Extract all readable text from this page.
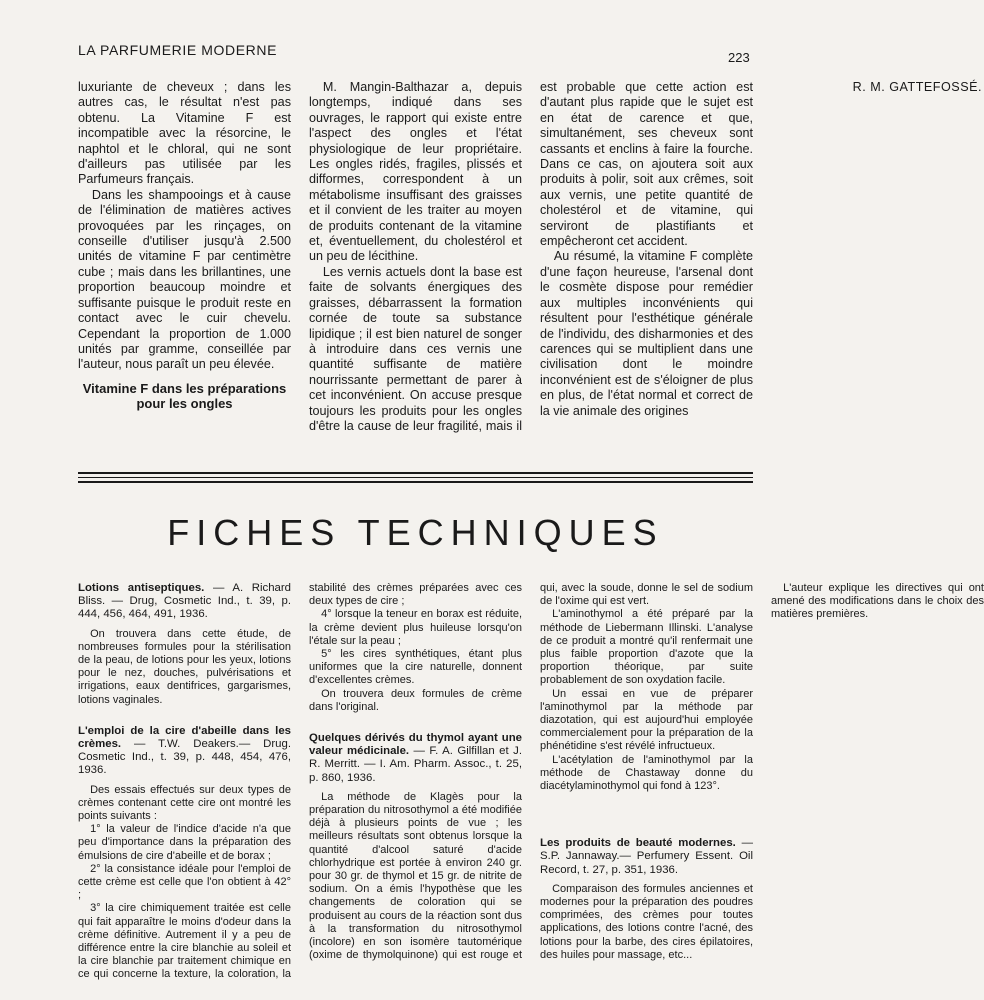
LA PARFUMERIE MODERNE	223

luxuriante de cheveux ; dans les autres cas, le résultat n'est pas obtenu. La Vitamine F est incompatible avec la résorcine, le naphtol et le chloral, qui ne sont d'ailleurs pas utilisée par les Parfumeurs français.

Dans les shampooings et à cause de l'élimination de matières actives provoquées par les rinçages, on conseille d'utiliser jusqu'à 2.500 unités de vitamine F par centimètre cube ; mais dans les brillantines, une proportion beaucoup moindre et suffisante puisque le produit reste en contact avec le cuir chevelu. Cependant la proportion de 1.000 unités par gramme, conseillée par l'auteur, nous paraît un peu élevée.

Vitamine F dans les préparations pour les ongles

M. Mangin-Balthazar a, depuis longtemps, indiqué dans ses ouvrages, le rapport qui existe entre l'aspect des ongles et l'état physiologique de leur propriétaire. Les ongles ridés, fragiles, plissés et difformes, correspondent à un métabolisme insuffisant des graisses et il convient de les traiter au moyen de produits contenant de la vitamine et, éventuellement, du cholestérol et un peu de lécithine.

Les vernis actuels dont la base est faite de solvants énergiques des graisses, débarrassent la formation cornée de toute sa substance lipidique ; il est bien naturel de songer à introduire dans ces vernis une quantité suffisante de matière nourrissante permettant de parer à cet inconvénient. On accuse presque toujours les produits pour les ongles d'être la cause de leur fragilité, mais il est probable que cette action est d'autant plus rapide que le sujet est en état de carence et que, simultanément, ses cheveux sont cassants et enclins à faire la fourche. Dans ce cas, on ajoutera soit aux produits à polir, soit aux crêmes, soit aux vernis, une petite quantité de cholestérol et de vitamine, qui serviront de plastifiants et empêcheront cet accident.

Au résumé, la vitamine F complète d'une façon heureuse, l'arsenal dont le cosmète dispose pour remédier aux multiples inconvénients qui résultent pour l'esthétique générale de l'individu, des disharmonies et des carences qui se multiplient dans une civilisation dont le moindre inconvénient est de s'éloigner de plus en plus, de l'état normal et correct de la vie animale des origines

R. M. GATTEFOSSÉ.

FICHES TECHNIQUES
Lotions antiseptiques. — A. Richard Bliss. — Drug, Cosmetic Ind., t. 39, p. 444, 456, 464, 491, 1936.

On trouvera dans cette étude, de nombreuses formules pour la stérilisation de la peau, de lotions pour les yeux, lotions pour le nez, douches, pulvérisations et irrigations, eaux dentifrices, gargarismes, lotions vaginales.

L'emploi de la cire d'abeille dans les crèmes. — T.W. Deakers.— Drug. Cosmetic Ind., t. 39, p. 448, 454, 476, 1936.

Des essais effectués sur deux types de crèmes contenant cette cire ont montré les points suivants :

1° la valeur de l'indice d'acide n'a que peu d'importance dans la préparation des émulsions de cire d'abeille et de borax ;

2° la consistance idéale pour l'emploi de cette crème est celle que l'on obtient à 42° ;

3° la cire chimiquement traitée est celle qui fait apparaître le moins d'odeur dans la crème définitive. Autrement il y a peu de différence entre la cire blanchie au soleil et la cire blanchie par traitement chimique en ce qui concerne la texture, la coloration, la stabilité des crèmes préparées avec ces deux types de cire ;

4° lorsque la teneur en borax est réduite, la crème devient plus huileuse lorsqu'on l'étale sur la peau ;

5° les cires synthétiques, étant plus uniformes que la cire naturelle, donnent d'excellentes crèmes.

On trouvera deux formules de crème dans l'original.

Quelques dérivés du thymol ayant une valeur médicinale. — F. A. Gilfillan et J. R. Merritt. — I. Am. Pharm. Assoc., t. 25, p. 860, 1936.

La méthode de Klagès pour la préparation du nitrosothymol a été modifiée déjà à plusieurs points de vue ; les meilleurs résultats sont obtenus lorsque la quantité d'alcool saturé d'acide chlorhydrique est portée à environ 240 gr. pour 30 gr. de thymol et 15 gr. de nitrite de sodium. On a émis l'hypothèse que les changements de coloration qui se produisent au cours de la réaction sont dus à la transformation du nitrosothymol (incolore) en son isomère tautomérique (oxime de thymolquinone) qui est rouge et qui, avec la soude, donne le sel de sodium de l'oxime qui est vert.

L'aminothymol a été préparé par la méthode de Liebermann Illinski. L'analyse de ce produit a montré qu'il renfermait une plus faible proportion d'azote que la proportion théorique, par suite probablement de son oxydation facile.

Un essai en vue de préparer l'aminothymol par la méthode par diazotation, qui est aujourd'hui employée commercialement pour la préparation de la phénétidine s'est révélé infructueux.

L'acétylation de l'aminothymol par la méthode de Chastaway donne du diacétylaminothymol qui fond à 123°.

Les produits de beauté modernes. — S.P. Jannaway.— Perfumery Essent. Oil Record, t. 27, p. 351, 1936.

Comparaison des formules anciennes et modernes pour la préparation des poudres comprimées, des crèmes pour toutes applications, des lotions contre l'acné, des lotions pour la barbe, des cires épilatoires, des huiles pour massage, etc...

L'auteur explique les directives qui ont amené des modifications dans le choix des matières premières.
